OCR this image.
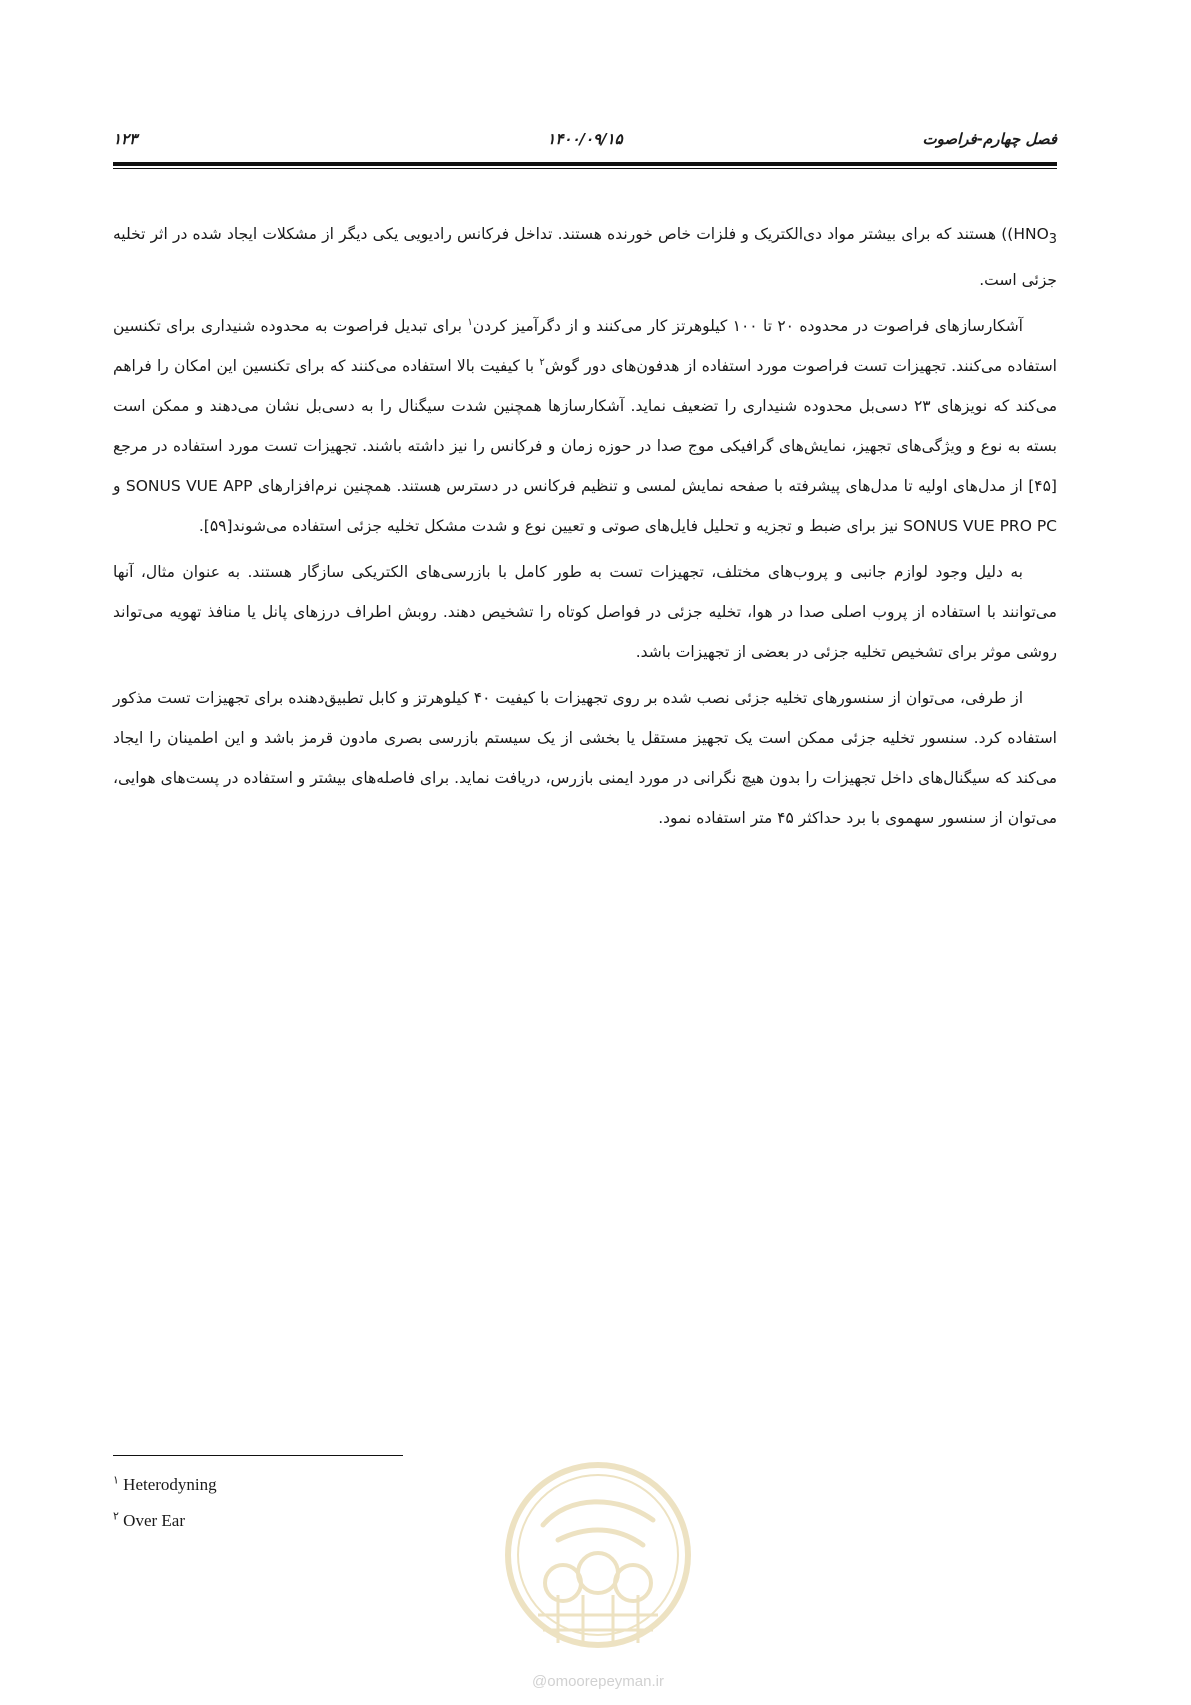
فصل چهارم-فراصوت
۱۴۰۰/۰۹/۱۵
۱۲۳

$(HNO_3)$ هستند که برای بیشتر مواد دی‌الکتریک و فلزات خاص خورنده هستند. تداخل فرکانس رادیویی یکی دیگر از مشکلات ایجاد شده در اثر تخلیه جزئی است.

آشکارسازهای فراصوت در محدوده ۲۰ تا ۱۰۰ کیلوهرتز کار می‌کنند و از دگرآمیز کردن$^۱$ برای تبدیل فراصوت به محدوده شنیداری برای تکنسین استفاده می‌کنند. تجهیزات تست فراصوت مورد استفاده از هدفون‌های دور گوش$^۲$ با کیفیت بالا استفاده می‌کنند که برای تکنسین این امکان را فراهم می‌کند که نویزهای ۲۳ دسی‌بل محدوده شنیداری را تضعیف نماید. آشکارسازها همچنین شدت سیگنال را به دسی‌بل نشان می‌دهند و ممکن است بسته به نوع و ویژگی‌های تجهیز، نمایش‌های گرافیکی موج صدا در حوزه زمان و فرکانس را نیز داشته باشند. تجهیزات تست مورد استفاده در مرجع [۴۵] از مدل‌های اولیه تا مدل‌های پیشرفته با صفحه نمایش لمسی و تنظیم فرکانس در دسترس هستند. همچنین نرم‌افزارهای SONUS VUE APP و SONUS VUE PRO PC نیز برای ضبط و تجزیه و تحلیل فایل‌های صوتی و تعیین نوع و شدت مشکل تخلیه جزئی استفاده می‌شوند[۵۹].

به دلیل وجود لوازم جانبی و پروب‌های مختلف، تجهیزات تست به طور کامل با بازرسی‌های الکتریکی سازگار هستند. به عنوان مثال، آنها می‌توانند با استفاده از پروب اصلی صدا در هوا، تخلیه جزئی در فواصل کوتاه را تشخیص دهند. روبش اطراف درزهای پانل یا منافذ تهویه می‌تواند روشی موثر برای تشخیص تخلیه جزئی در بعضی از تجهیزات باشد.

از طرفی، می‌توان از سنسورهای تخلیه جزئی نصب شده بر روی تجهیزات با کیفیت ۴۰ کیلوهرتز و کابل تطبیق‌دهنده برای تجهیزات تست مذکور استفاده کرد. سنسور تخلیه جزئی ممکن است یک تجهیز مستقل یا بخشی از یک سیستم بازرسی بصری مادون قرمز باشد و این اطمینان را ایجاد می‌کند که سیگنال‌های داخل تجهیزات را بدون هیچ نگرانی در مورد ایمنی بازرس، دریافت نماید. برای فاصله‌های بیشتر و استفاده در پست‌های هوایی، می‌توان از سنسور سهموی با برد حداکثر ۴۵ متر استفاده نمود.

$^۱$ Heterodyning
$^۲$ Over Ear
@omoorepeyman.ir
